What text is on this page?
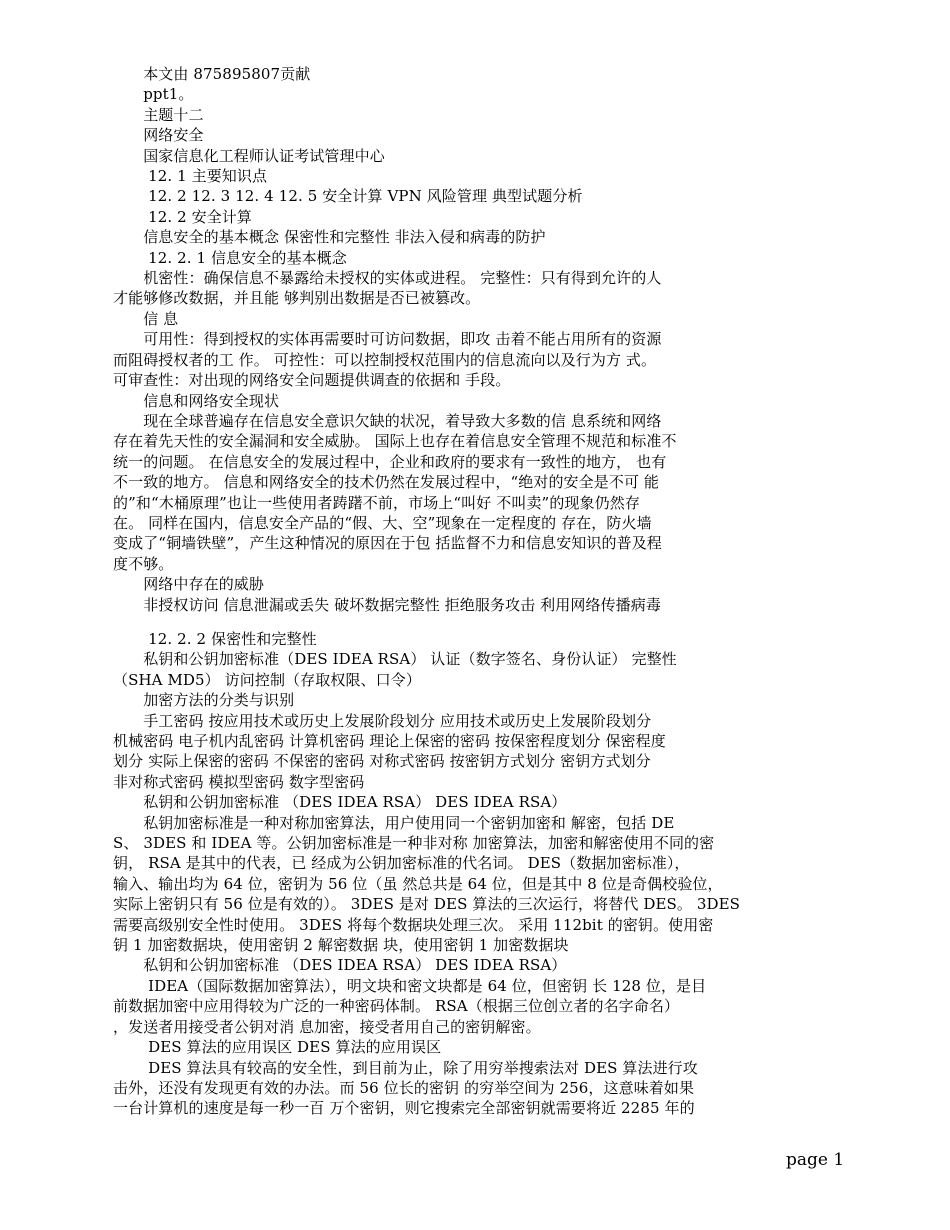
　　本文由 875895807贡献
　　ppt1。
　　主题十二
　　网络安全
　　国家信息化工程师认证考试管理中心
　　 12. 1 主要知识点
　　 12. 2 12. 3 12. 4 12. 5 安全计算 VPN 风险管理 典型试题分析
　　 12. 2 安全计算
　　信息安全的基本概念 保密性和完整性 非法入侵和病毒的防护
　　 12. 2. 1 信息安全的基本概念
　　机密性：确保信息不暴露给未授权的实体或进程。 完整性：只有得到允许的人
才能够修改数据，并且能 够判别出数据是否已被篡改。
　　信 息
　　可用性：得到授权的实体再需要时可访问数据，即攻 击着不能占用所有的资源
而阻碍授权者的工 作。 可控性：可以控制授权范围内的信息流向以及行为方 式。
可审查性：对出现的网络安全问题提供调查的依据和 手段。
　　信息和网络安全现状
　　现在全球普遍存在信息安全意识欠缺的状况，着导致大多数的信 息系统和网络
存在着先天性的安全漏洞和安全威胁。 国际上也存在着信息安全管理不规范和标准不
统一的问题。 在信息安全的发展过程中，企业和政府的要求有一致性的地方， 也有
不一致的地方。 信息和网络安全的技术仍然在发展过程中，“绝对的安全是不可 能
的”和“木桶原理”也让一些使用者踌躇不前，市场上“叫好 不叫卖”的现象仍然存
在。 同样在国内，信息安全产品的“假、大、空”现象在一定程度的 存在，防火墙
变成了“铜墙铁壁”，产生这种情况的原因在于包 括监督不力和信息安知识的普及程
度不够。
　　网络中存在的威胁
　　非授权访问 信息泄漏或丢失 破坏数据完整性 拒绝服务攻击 利用网络传播病毒
　　 12. 2. 2 保密性和完整性
　　私钥和公钥加密标准（DES IDEA RSA） 认证（数字签名、身份认证） 完整性
（SHA MD5） 访问控制（存取权限、口令）
　　加密方法的分类与识别
　　手工密码 按应用技术或历史上发展阶段划分 应用技术或历史上发展阶段划分
机械密码 电子机内乱密码 计算机密码 理论上保密的密码 按保密程度划分 保密程度
划分 实际上保密的密码 不保密的密码 对称式密码 按密钥方式划分 密钥方式划分
非对称式密码 模拟型密码 数字型密码
　　私钥和公钥加密标准 （DES IDEA RSA） DES IDEA RSA）
　　私钥加密标准是一种对称加密算法，用户使用同一个密钥加密和 解密，包括 DE
S、 3DES 和 IDEA 等。公钥加密标准是一种非对称 加密算法，加密和解密使用不同的密
钥， RSA 是其中的代表，已 经成为公钥加密标准的代名词。 DES（数据加密标准），
输入、输出均为 64 位，密钥为 56 位（虽 然总共是 64 位，但是其中 8 位是奇偶校验位，
实际上密钥只有 56 位是有效的）。 3DES 是对 DES 算法的三次运行，将替代 DES。 3DES
需要高级别安全性时使用。 3DES 将每个数据块处理三次。 采用 112bit 的密钥。使用密
钥 1 加密数据块，使用密钥 2 解密数据 块，使用密钥 1 加密数据块
　　私钥和公钥加密标准 （DES IDEA RSA） DES IDEA RSA）
　　 IDEA（国际数据加密算法），明文块和密文块都是 64 位，但密钥 长 128 位，是目
前数据加密中应用得较为广泛的一种密码体制。 RSA（根据三位创立者的名字命名）
，发送者用接受者公钥对消 息加密，接受者用自己的密钥解密。
　　 DES 算法的应用误区 DES 算法的应用误区
　　 DES 算法具有较高的安全性，到目前为止，除了用穷举搜索法对 DES 算法进行攻
击外，还没有发现更有效的办法。而 56 位长的密钥 的穷举空间为 256，这意味着如果
一台计算机的速度是每一秒一百 万个密钥，则它搜索完全部密钥就需要将近 2285 年的
page 1
